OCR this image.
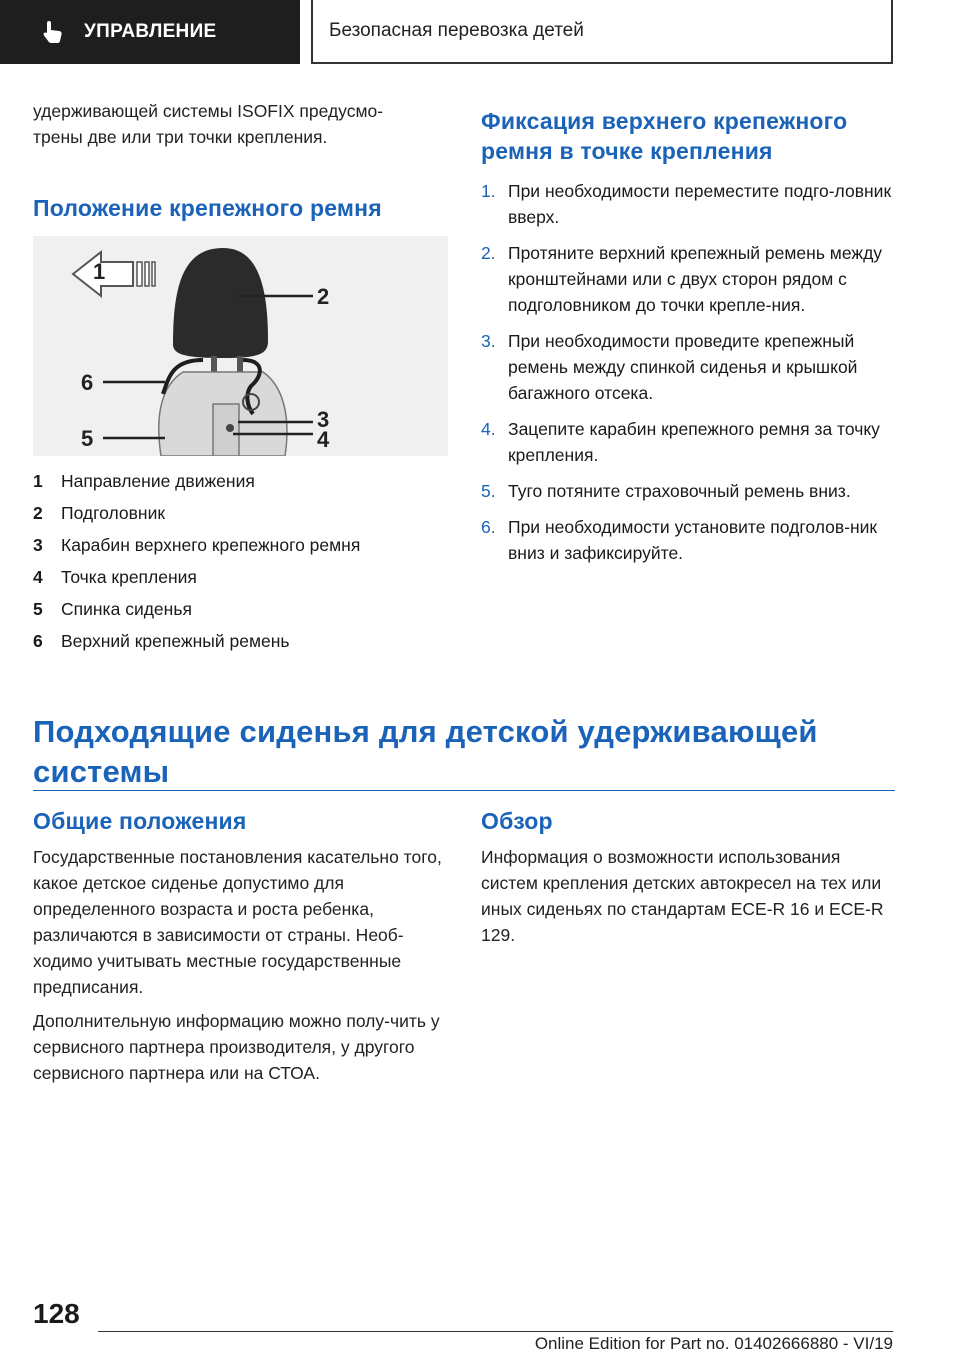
УПРАВЛЕНИЕ	Безопасная перевозка детей

удерживающей системы ISOFIX предусмо-

трены две или три точки крепления.

Положение крепежного ремня
1
2
3
4
5
6
1	Направление движения
2	Подголовник
3	Карабин верхнего крепежного ремня
4	Точка крепления
5	Спинка сиденья
6	Верхний крепежный ремень
Фиксация верхнего крепежного
ремня в точке крепления
1. При необходимости переместите подго-ловник вверх.
2. Протяните верхний крепежный ремень между кронштейнами или с двух сторон рядом с подголовником до точки крепле-ния.
3. При необходимости проведите крепежный ремень между спинкой сиденья и крышкой багажного отсека.
4. Зацепите карабин крепежного ремня за точку крепления.
5. Туго потяните страховочный ремень вниз.
6. При необходимости установите подголов-ник вниз и зафиксируйте.
Подходящие сиденья для детской удерживающей
системы
Общие положения

Государственные постановления касательно того, какое детское сиденье допустимо для определенного возраста и роста ребенка, различаются в зависимости от страны. Необ-ходимо учитывать местные государственные предписания.

Дополнительную информацию можно полу-чить у сервисного партнера производителя, у другого сервисного партнера или на СТОА.

Обзор

Информация о возможности использования систем крепления детских автокресел на тех или иных сиденьях по стандартам ECE-R 16 и ECE-R 129.

128
Online Edition for Part no. 01402666880 - VI/19
